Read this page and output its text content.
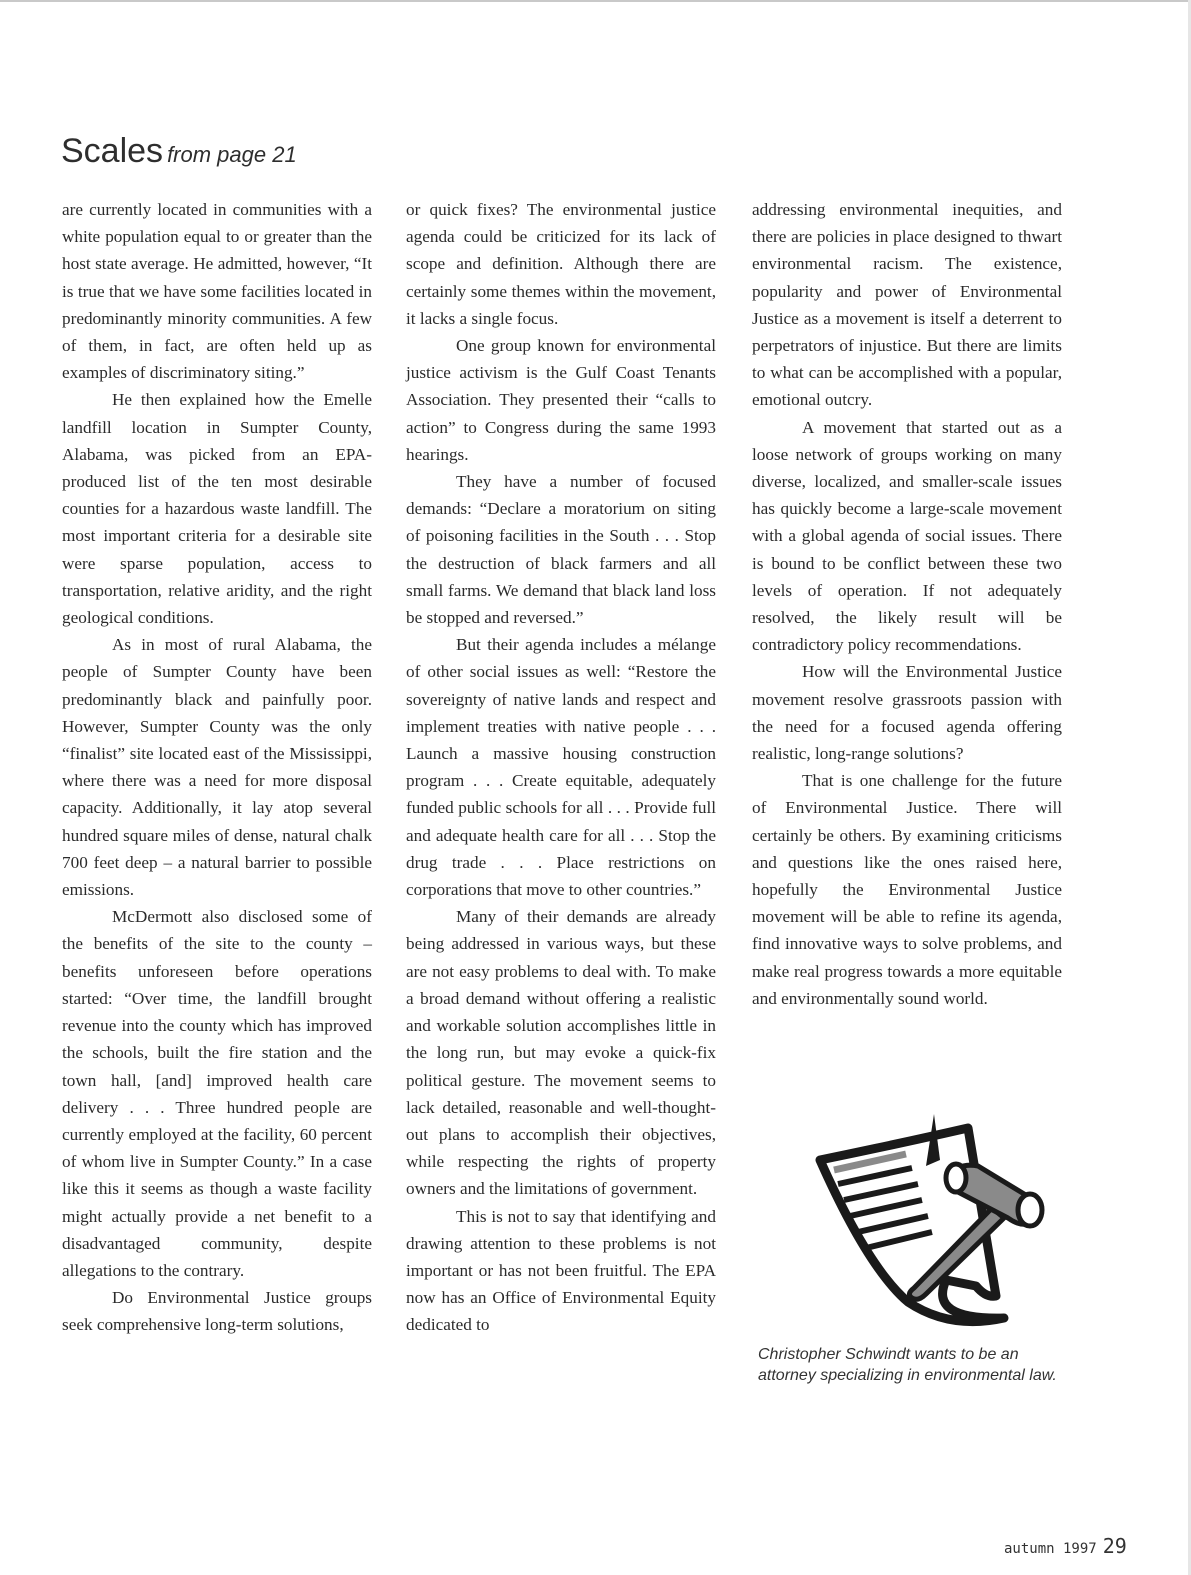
Scales from page 21

are currently located in communities with a white population equal to or greater than the host state average. He admitted, however, “It is true that we have some facilities located in predominantly minority communities. A few of them, in fact, are often held up as examples of discriminatory siting.”

He then explained how the Emelle landfill location in Sumpter County, Alabama, was picked from an EPA-produced list of the ten most desirable counties for a hazardous waste landfill. The most important criteria for a desirable site were sparse population, access to transportation, relative aridity, and the right geological conditions.

As in most of rural Alabama, the people of Sumpter County have been predominantly black and painfully poor. However, Sumpter County was the only “finalist” site located east of the Mississippi, where there was a need for more disposal capacity. Additionally, it lay atop several hundred square miles of dense, natural chalk 700 feet deep – a natural barrier to possible emissions.

McDermott also disclosed some of the benefits of the site to the county – benefits unforeseen before operations started: “Over time, the landfill brought revenue into the county which has improved the schools, built the fire station and the town hall, [and] improved health care delivery . . . Three hundred people are currently employed at the facility, 60 percent of whom live in Sumpter County.” In a case like this it seems as though a waste facility might actually provide a net benefit to a disadvantaged community, despite allegations to the contrary.

Do Environmental Justice groups seek comprehensive long-term solutions,

or quick fixes? The environmental justice agenda could be criticized for its lack of scope and definition. Although there are certainly some themes within the movement, it lacks a single focus.

One group known for environmental justice activism is the Gulf Coast Tenants Association. They presented their “calls to action” to Congress during the same 1993 hearings.

They have a number of focused demands: “Declare a moratorium on siting of poisoning facilities in the South . . . Stop the destruction of black farmers and all small farms. We demand that black land loss be stopped and reversed.”

But their agenda includes a mélange of other social issues as well: “Restore the sovereignty of native lands and respect and implement treaties with native people . . . Launch a massive housing construction program . . . Create equitable, adequately funded public schools for all . . . Provide full and adequate health care for all . . . Stop the drug trade . . . Place restrictions on corporations that move to other countries.”

Many of their demands are already being addressed in various ways, but these are not easy problems to deal with. To make a broad demand without offering a realistic and workable solution accomplishes little in the long run, but may evoke a quick-fix political gesture. The movement seems to lack detailed, reasonable and well-thought-out plans to accomplish their objectives, while respecting the rights of property owners and the limitations of government.

This is not to say that identifying and drawing attention to these problems is not important or has not been fruitful. The EPA now has an Office of Environmental Equity dedicated to

addressing environmental inequities, and there are policies in place designed to thwart environmental racism. The existence, popularity and power of Environmental Justice as a movement is itself a deterrent to perpetrators of injustice. But there are limits to what can be accomplished with a popular, emotional outcry.

A movement that started out as a loose network of groups working on many diverse, localized, and smaller-scale issues has quickly become a large-scale movement with a global agenda of social issues. There is bound to be conflict between these two levels of operation. If not adequately resolved, the likely result will be contradictory policy recommendations.

How will the Environmental Justice movement resolve grassroots passion with the need for a focused agenda offering realistic, long-range solutions?

That is one challenge for the future of Environmental Justice. There will certainly be others. By examining criticisms and questions like the ones raised here, hopefully the Environmental Justice movement will be able to refine its agenda, find innovative ways to solve problems, and make real progress towards a more equitable and environmentally sound world.

Christopher Schwindt wants to be an attorney specializing in environmental law.
autumn 1997 29
